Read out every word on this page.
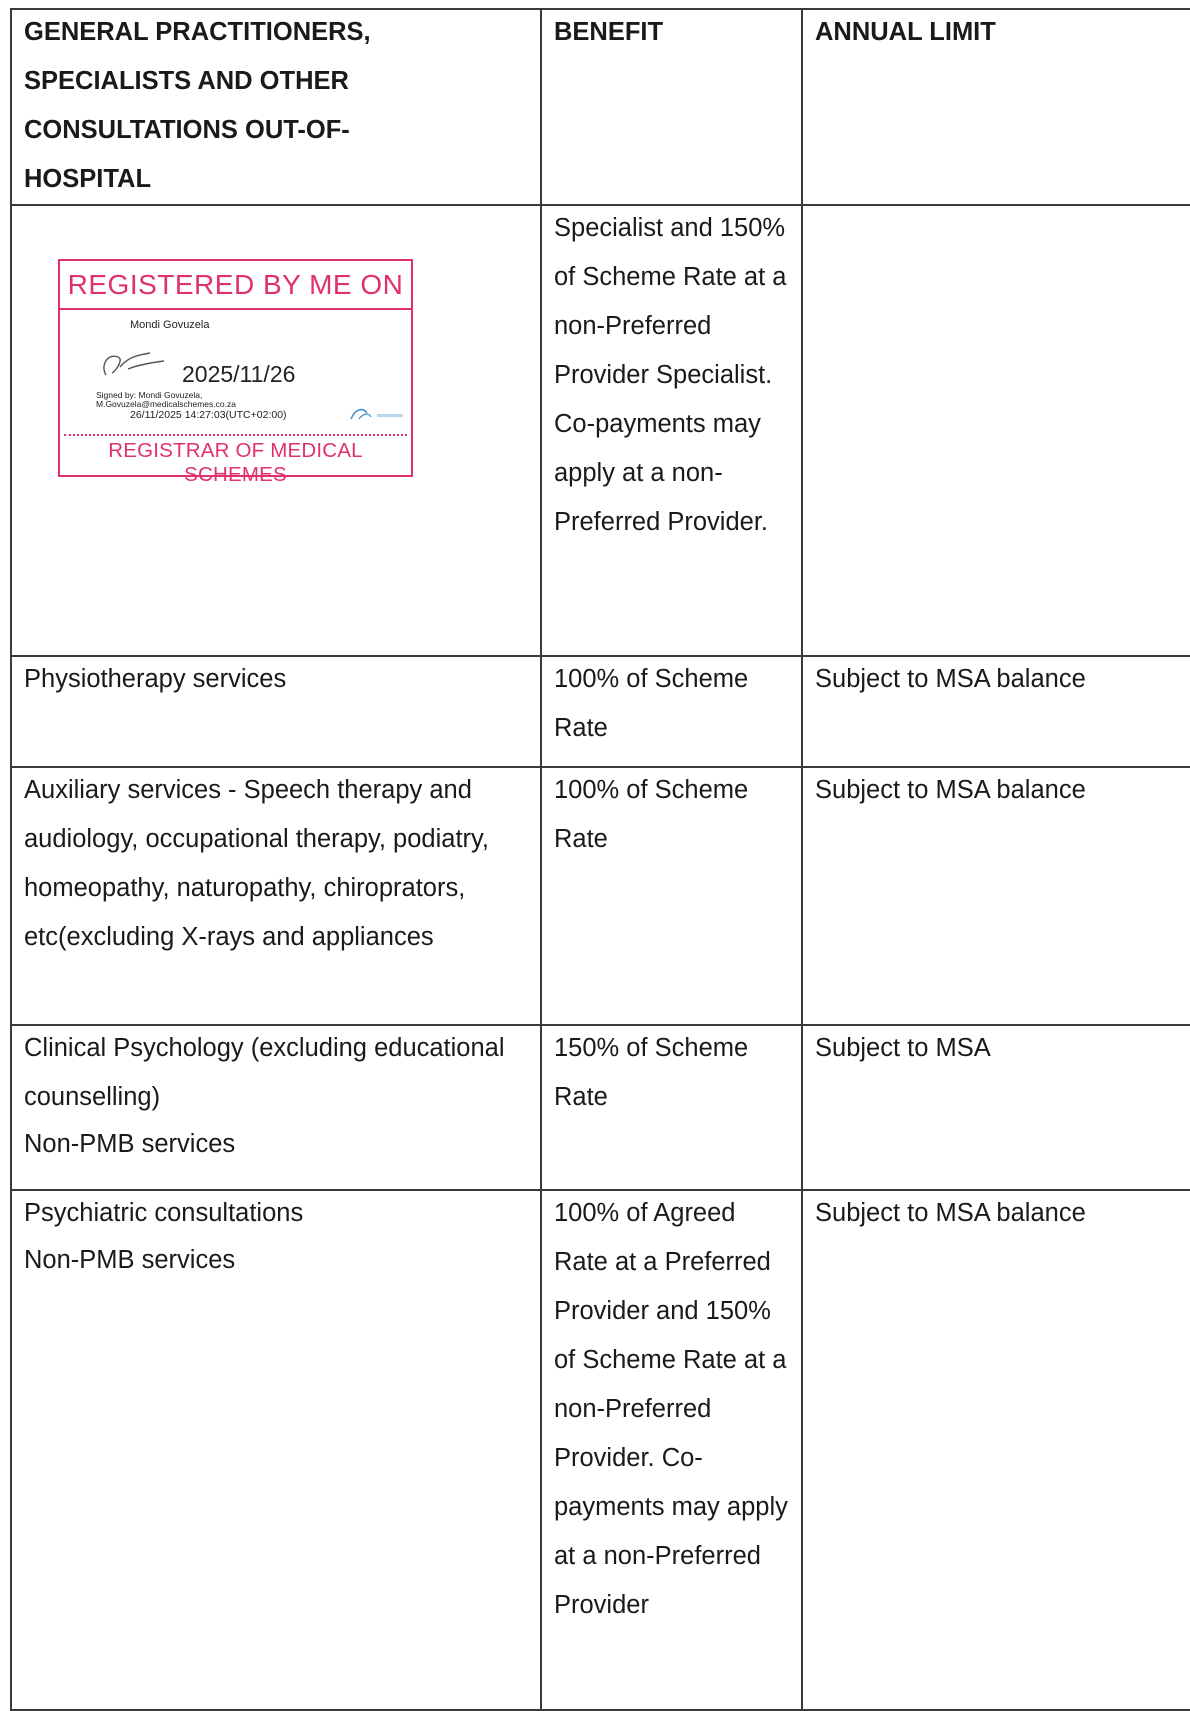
GENERAL PRACTITIONERS, SPECIALISTS AND OTHER CONSULTATIONS OUT-OF-HOSPITAL	BENEFIT	ANNUAL LIMIT

	Specialist and 150% of Scheme Rate at a non-Preferred Provider Specialist. Co-payments may apply at a non-Preferred Provider.	

Physiotherapy services	100% of Scheme Rate	Subject to MSA balance

Auxiliary services - Speech therapy and audiology, occupational therapy, podiatry, homeopathy, naturopathy, chiroprators, etc(excluding X-rays and appliances	100% of Scheme Rate	Subject to MSA balance

Clinical Psychology (excluding educational counselling)
Non-PMB services	150% of Scheme Rate	Subject to MSA

Psychiatric consultations
Non-PMB services	100% of Agreed Rate at a Preferred Provider and 150% of Scheme Rate at a non-Preferred Provider. Co-payments may apply at a non-Preferred Provider	Subject to MSA balance
REGISTERED BY ME ON
Mondi Govuzela
2025/11/26
Signed by: Mondi Govuzela, M.Govuzela@medicalschemes.co.za
26/11/2025 14:27:03(UTC+02:00)
REGISTRAR OF MEDICAL SCHEMES
